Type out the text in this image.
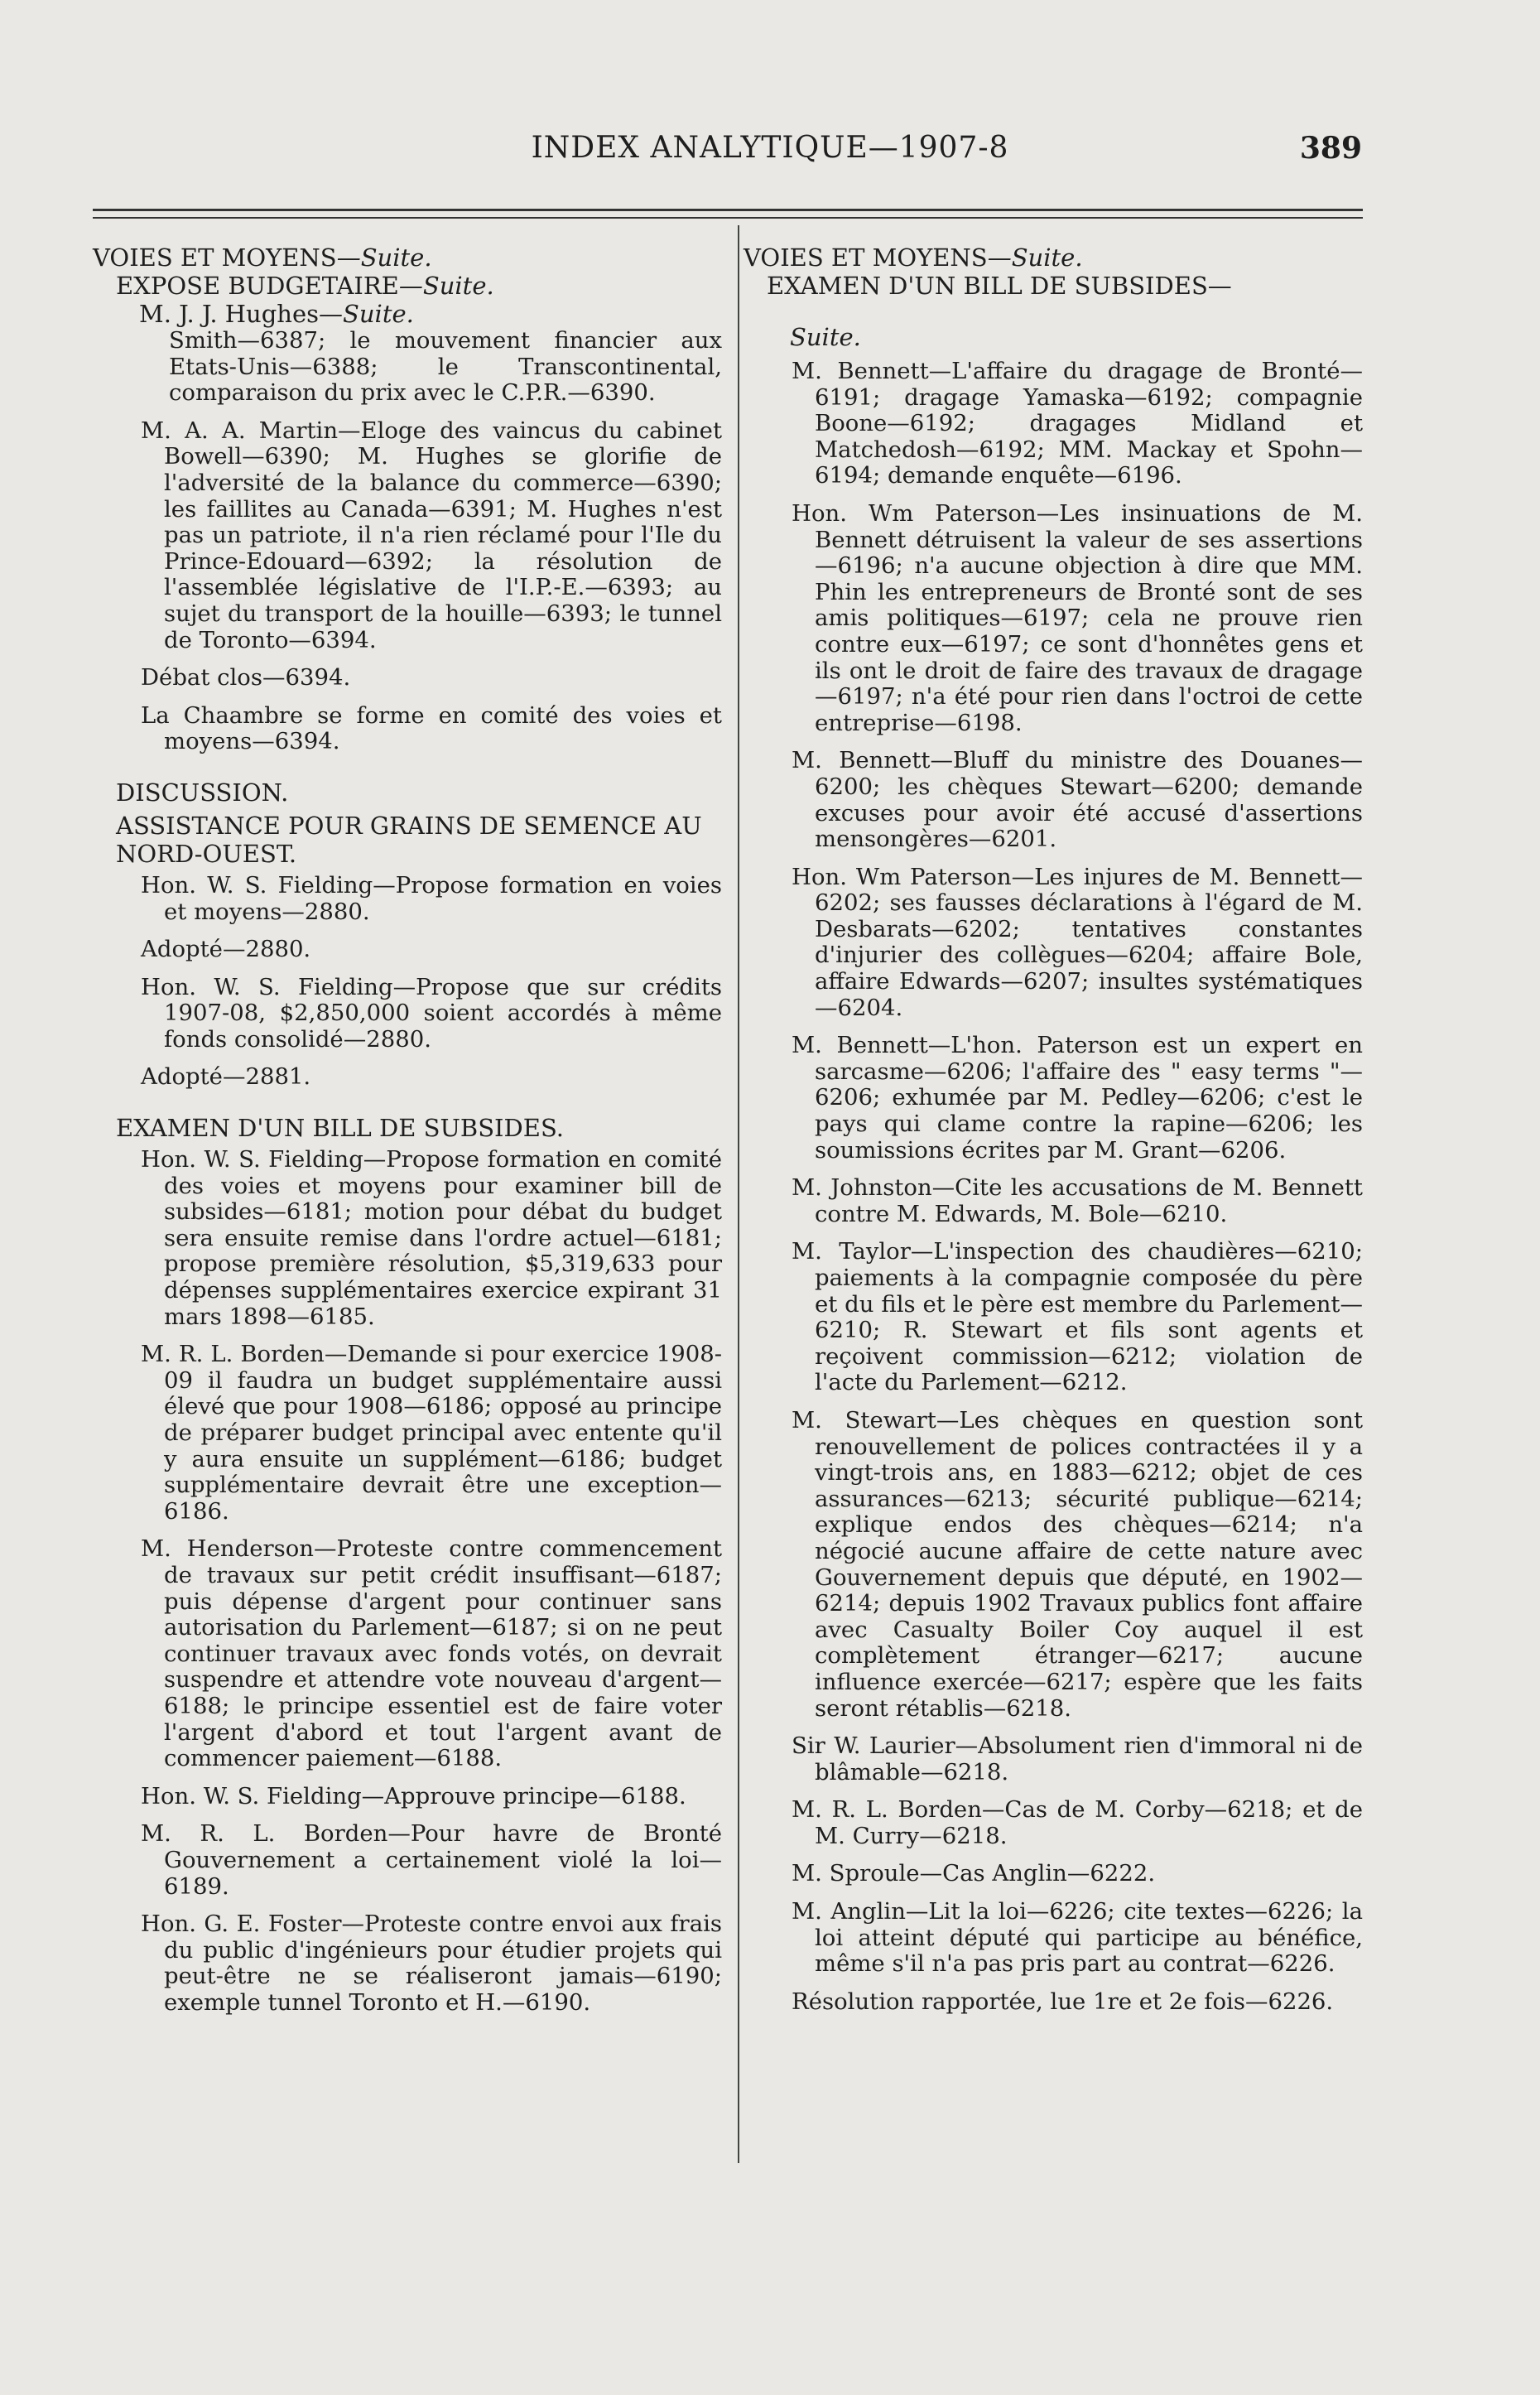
INDEX ANALYTIQUE—1907-8	389

VOIES ET MOYENS—Suite.

EXPOSE BUDGETAIRE—Suite.

M. J. J. Hughes—Suite.

Smith—6387; le mouvement financier aux Etats-Unis—6388; le Transcontinental, comparaison du prix avec le C.P.R.—6390.

M. A. A. Martin—Eloge des vaincus du cabinet Bowell—6390; M. Hughes se glorifie de l'adversité de la balance du commerce—6390; les faillites au Canada—6391; M. Hughes n'est pas un patriote, il n'a rien réclamé pour l'Ile du Prince-Edouard—6392; la résolution de l'assemblée législative de l'I.P.-E.—6393; au sujet du transport de la houille—6393; le tunnel de Toronto—6394.

Débat clos—6394.

La Chaambre se forme en comité des voies et moyens—6394.

DISCUSSION.

ASSISTANCE POUR GRAINS DE SEMENCE AU NORD-OUEST.

Hon. W. S. Fielding—Propose formation en voies et moyens—2880.

Adopté—2880.

Hon. W. S. Fielding—Propose que sur crédits 1907-08, $2,850,000 soient accordés à même fonds consolidé—2880.

Adopté—2881.

EXAMEN D'UN BILL DE SUBSIDES.

Hon. W. S. Fielding—Propose formation en comité des voies et moyens pour examiner bill de subsides—6181; motion pour débat du budget sera ensuite remise dans l'ordre actuel—6181; propose première résolution, $5,319,633 pour dépenses supplémentaires exercice expirant 31 mars 1898—6185.

M. R. L. Borden—Demande si pour exercice 1908-09 il faudra un budget supplémentaire aussi élevé que pour 1908—6186; opposé au principe de préparer budget principal avec entente qu'il y aura ensuite un supplément—6186; budget supplémentaire devrait être une exception—6186.

M. Henderson—Proteste contre commencement de travaux sur petit crédit insuffisant—6187; puis dépense d'argent pour continuer sans autorisation du Parlement—6187; si on ne peut continuer travaux avec fonds votés, on devrait suspendre et attendre vote nouveau d'argent—6188; le principe essentiel est de faire voter l'argent d'abord et tout l'argent avant de commencer paiement—6188.

Hon. W. S. Fielding—Approuve principe—6188.

M. R. L. Borden—Pour havre de Bronté Gouvernement a certainement violé la loi—6189.

Hon. G. E. Foster—Proteste contre envoi aux frais du public d'ingénieurs pour étudier projets qui peut-être ne se réaliseront jamais—6190; exemple tunnel Toronto et H.—6190.

VOIES ET MOYENS—Suite.

EXAMEN D'UN BILL DE SUBSIDES—

Suite.

M. Bennett—L'affaire du dragage de Bronté—6191; dragage Yamaska—6192; compagnie Boone—6192; dragages Midland et Matchedosh—6192; MM. Mackay et Spohn—6194; demande enquête—6196.

Hon. Wm Paterson—Les insinuations de M. Bennett détruisent la valeur de ses assertions—6196; n'a aucune objection à dire que MM. Phin les entrepreneurs de Bronté sont de ses amis politiques—6197; cela ne prouve rien contre eux—6197; ce sont d'honnêtes gens et ils ont le droit de faire des travaux de dragage—6197; n'a été pour rien dans l'octroi de cette entreprise—6198.

M. Bennett—Bluff du ministre des Douanes—6200; les chèques Stewart—6200; demande excuses pour avoir été accusé d'assertions mensongères—6201.

Hon. Wm Paterson—Les injures de M. Bennett—6202; ses fausses déclarations à l'égard de M. Desbarats—6202; tentatives constantes d'injurier des collègues—6204; affaire Bole, affaire Edwards—6207; insultes systématiques—6204.

M. Bennett—L'hon. Paterson est un expert en sarcasme—6206; l'affaire des " easy terms "—6206; exhumée par M. Pedley—6206; c'est le pays qui clame contre la rapine—6206; les soumissions écrites par M. Grant—6206.

M. Johnston—Cite les accusations de M. Bennett contre M. Edwards, M. Bole—6210.

M. Taylor—L'inspection des chaudières—6210; paiements à la compagnie composée du père et du fils et le père est membre du Parlement—6210; R. Stewart et fils sont agents et reçoivent commission—6212; violation de l'acte du Parlement—6212.

M. Stewart—Les chèques en question sont renouvellement de polices contractées il y a vingt-trois ans, en 1883—6212; objet de ces assurances—6213; sécurité publique—6214; explique endos des chèques—6214; n'a négocié aucune affaire de cette nature avec Gouvernement depuis que député, en 1902—6214; depuis 1902 Travaux publics font affaire avec Casualty Boiler Coy auquel il est complètement étranger—6217; aucune influence exercée—6217; espère que les faits seront rétablis—6218.

Sir W. Laurier—Absolument rien d'immoral ni de blâmable—6218.

M. R. L. Borden—Cas de M. Corby—6218; et de M. Curry—6218.

M. Sproule—Cas Anglin—6222.

M. Anglin—Lit la loi—6226; cite textes—6226; la loi atteint député qui participe au bénéfice, même s'il n'a pas pris part au contrat—6226.

Résolution rapportée, lue 1re et 2e fois—6226.
